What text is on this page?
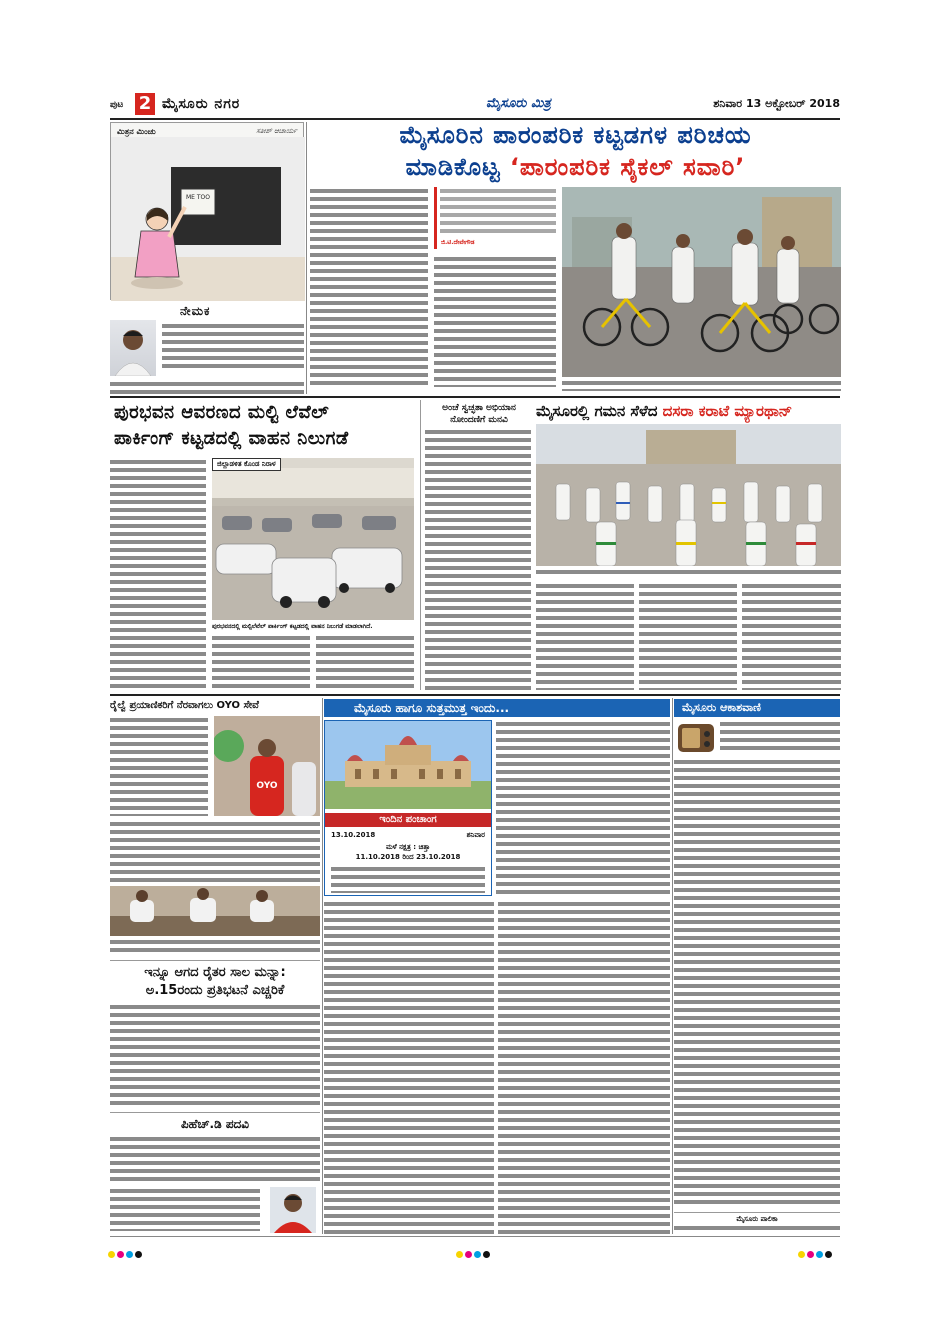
ಪುಟ 2 ಮೈಸೂರು ನಗರ	ಮೈಸೂರು ಮಿತ್ರ	ಶನಿವಾರ 13 ಅಕ್ಟೋಬರ್ 2018
ಮಿತ್ರನ ಮಿಂಚು	ಸತೀಶ್ ಆಚಾರ್ಯ
ME TOO
ನೇಮಕ
ಮೈಸೂರಿನ ಪಾರಂಪರಿಕ ಕಟ್ಟಡಗಳ ಪರಿಚಯ
ಮಾಡಿಕೊಟ್ಟ ‘ಪಾರಂಪರಿಕ ಸೈಕಲ್ ಸವಾರಿ’
ಜಿ.ಟಿ.ದೇವೇಗೌಡ
ಪುರಭವನ ಆವರಣದ ಮಲ್ಟಿ ಲೆವೆಲ್
ಪಾರ್ಕಿಂಗ್ ಕಟ್ಟಡದಲ್ಲಿ ವಾಹನ ನಿಲುಗಡೆ
ಜಿಲ್ಲಾಡಳಿತ ಕೊಂಡ ನಿರಾಳ
ಪುರಭವನದಲ್ಲಿ ಮಲ್ಟಿಲೆವೆಲ್ ಪಾರ್ಕಿಂಗ್ ಕಟ್ಟಡದಲ್ಲಿ ವಾಹನ ನಿಲುಗಡೆ ಮಾಡಲಾಗಿದೆ.
ಅಂಚೆ ಸ್ವಚ್ಛತಾ ಅಭಿಯಾನ ನೋಂದಣಿಗೆ ಮನವಿ	ಮೈಸೂರಲ್ಲಿ ಗಮನ ಸೆಳೆದ ದಸರಾ ಕರಾಟೆ ಮ್ಯಾರಥಾನ್
ರೈಲ್ವೆ ಪ್ರಯಾಣಿಕರಿಗೆ ನೆರವಾಗಲು OYO ಸೇವೆ
OYO
ಇನ್ನೂ ಆಗದ ರೈತರ ಸಾಲ ಮನ್ನಾ:
ಅ.15ರಂದು ಪ್ರತಿಭಟನೆ ಎಚ್ಚರಿಕೆ
ಪಿಹೆಚ್.ಡಿ ಪದವಿ
ಮೈಸೂರು ಹಾಗೂ ಸುತ್ತಮುತ್ತ ಇಂದು...	ಮೈಸೂರು ಆಕಾಶವಾಣಿ
ಇಂದಿನ ಪಂಚಾಂಗ
13.10.2018	ಶನಿವಾರ
ಮಳೆ ನಕ್ಷತ್ರ : ಚಿತ್ತಾ
11.10.2018 ರಿಂದ 23.10.2018
ಮೈಸೂರು ಪಾಲಿಕಾ
